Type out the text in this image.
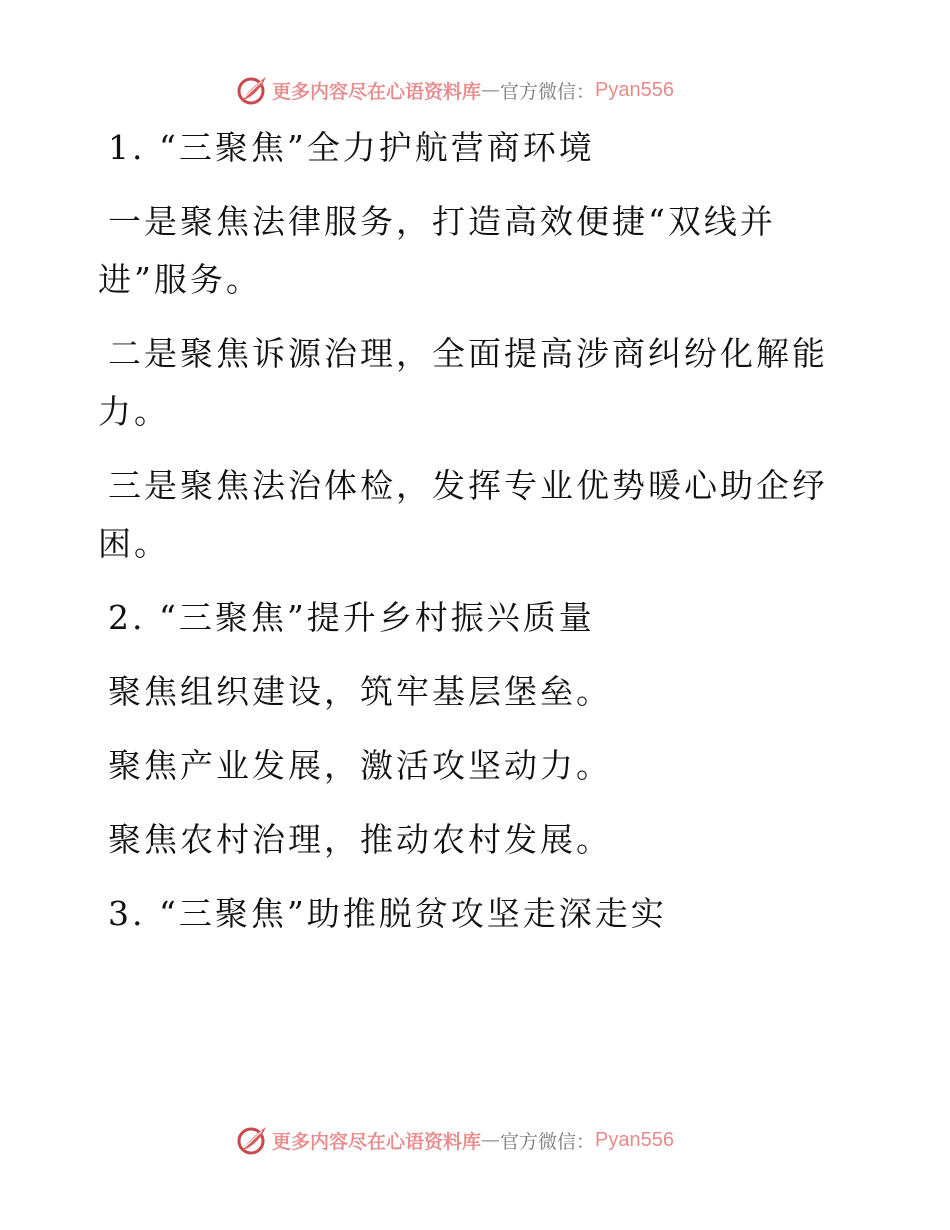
更多内容尽在心语资料库 — 官方微信： Pyan556
1. “三聚焦”全力护航营商环境
一是聚焦法律服务，打造高效便捷“双线并
进”服务。
二是聚焦诉源治理，全面提高涉商纠纷化解能
力。
三是聚焦法治体检，发挥专业优势暖心助企纾
困。
2. “三聚焦”提升乡村振兴质量
聚焦组织建设，筑牢基层堡垒。
聚焦产业发展，激活攻坚动力。
聚焦农村治理，推动农村发展。
3. “三聚焦”助推脱贫攻坚走深走实
更多内容尽在心语资料库 — 官方微信： Pyan556
